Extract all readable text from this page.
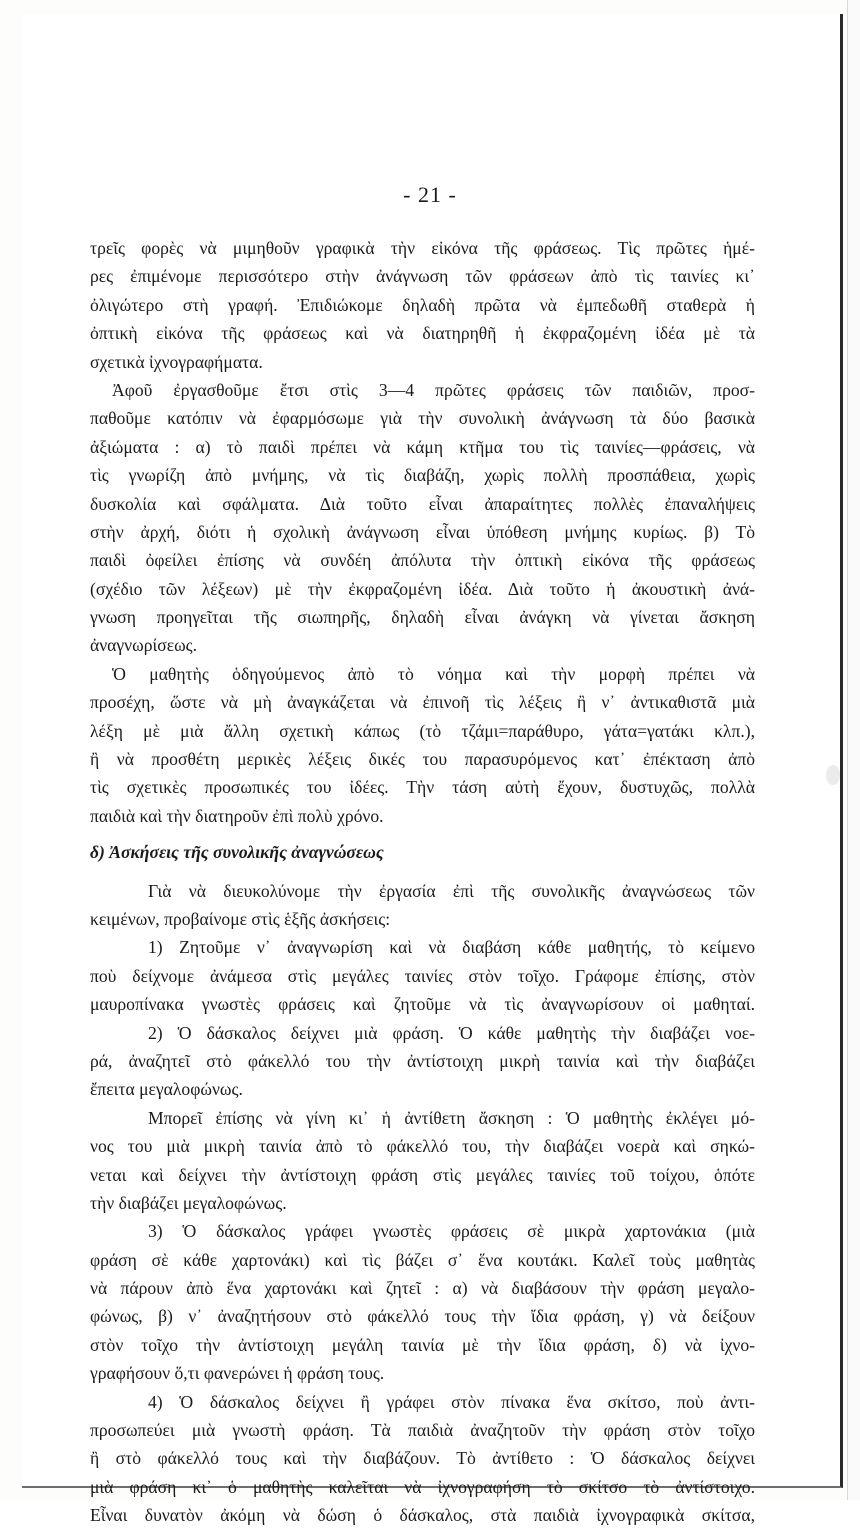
- 21 -
τρεῖς φορὲς νὰ μιμηθοῦν γραφικὰ τὴν εἰκόνα τῆς φράσεως. Τὶς πρῶτες ἡμέ-
ρες ἐπιμένομε περισσότερο στὴν ἀνάγνωση τῶν φράσεων ἀπὸ τὶς ταινίες κι᾽
ὀλιγώτερο στὴ γραφή. Ἐπιδιώκομε δηλαδὴ πρῶτα νὰ ἐμπεδωθῆ σταθερὰ ἡ
ὀπτικὴ εἰκόνα τῆς φράσεως καὶ νὰ διατηρηθῆ ἡ ἐκφραζομένη ἰδέα μὲ τὰ
σχετικὰ ἰχνογραφήματα.
Ἀφοῦ ἐργασθοῦμε ἔτσι στὶς 3—4 πρῶτες φράσεις τῶν παιδιῶν, προσ-
παθοῦμε κατόπιν νὰ ἐφαρμόσωμε γιὰ τὴν συνολικὴ ἀνάγνωση τὰ δύο βασικὰ
ἀξιώματα : α) τὸ παιδὶ πρέπει νὰ κάμη κτῆμα του τὶς ταινίες—φράσεις, νὰ
τὶς γνωρίζη ἀπὸ μνήμης, νὰ τὶς διαβάζη, χωρὶς πολλὴ προσπάθεια, χωρὶς
δυσκολία καὶ σφάλματα. Διὰ τοῦτο εἶναι ἀπαραίτητες πολλὲς ἐπαναλήψεις
στὴν ἀρχή, διότι ἡ σχολικὴ ἀνάγνωση εἶναι ὑπόθεση μνήμης κυρίως. β) Τὸ
παιδὶ ὀφείλει ἐπίσης νὰ συνδέη ἀπόλυτα τὴν ὀπτικὴ εἰκόνα τῆς φράσεως
(σχέδιο τῶν λέξεων) μὲ τὴν ἐκφραζομένη ἰδέα. Διὰ τοῦτο ἡ ἀκουστικὴ ἀνά-
γνωση προηγεῖται τῆς σιωπηρῆς, δηλαδὴ εἶναι ἀνάγκη νὰ γίνεται ἄσκηση
ἀναγνωρίσεως.
Ὁ μαθητὴς ὁδηγούμενος ἀπὸ τὸ νόημα καὶ τὴν μορφὴ πρέπει νὰ
προσέχη, ὥστε νὰ μὴ ἀναγκάζεται νὰ ἐπινοῆ τὶς λέξεις ἢ ν᾽ ἀντικαθιστᾶ μιὰ
λέξη μὲ μιὰ ἄλλη σχετικὴ κάπως (τὸ τζάμι=παράθυρο, γάτα=γατάκι κλπ.),
ἢ νὰ προσθέτη μερικὲς λέξεις δικές του παρασυρόμενος κατ᾽ ἐπέκταση ἀπὸ
τὶς σχετικὲς προσωπικές του ἰδέες. Τὴν τάση αὐτὴ ἔχουν, δυστυχῶς, πολλὰ
παιδιὰ καὶ τὴν διατηροῦν ἐπὶ πολὺ χρόνο.
δ) Ἀσκήσεις τῆς συνολικῆς ἀναγνώσεως
Γιὰ νὰ διευκολύνομε τὴν ἐργασία ἐπὶ τῆς συνολικῆς ἀναγνώσεως τῶν
κειμένων, προβαίνομε στὶς ἑξῆς ἀσκήσεις:
1) Ζητοῦμε ν᾽ ἀναγνωρίση καὶ νὰ διαβάση κάθε μαθητής, τὸ κείμενο
ποὺ δείχνομε ἀνάμεσα στὶς μεγάλες ταινίες στὸν τοῖχο. Γράφομε ἐπίσης, στὸν
μαυροπίνακα γνωστὲς φράσεις καὶ ζητοῦμε νὰ τὶς ἀναγνωρίσουν οἱ μαθηταί.
2) Ὁ δάσκαλος δείχνει μιὰ φράση. Ὁ κάθε μαθητὴς τὴν διαβάζει νοε-
ρά, ἀναζητεῖ στὸ φάκελλό του τὴν ἀντίστοιχη μικρὴ ταινία καὶ τὴν διαβάζει
ἔπειτα μεγαλοφώνως.
Μπορεῖ ἐπίσης νὰ γίνη κι᾽ ἡ ἀντίθετη ἄσκηση : Ὁ μαθητὴς ἐκλέγει μό-
νος του μιὰ μικρὴ ταινία ἀπὸ τὸ φάκελλό του, τὴν διαβάζει νοερὰ καὶ σηκώ-
νεται καὶ δείχνει τὴν ἀντίστοιχη φράση στὶς μεγάλες ταινίες τοῦ τοίχου, ὁπότε
τὴν διαβάζει μεγαλοφώνως.
3) Ὁ δάσκαλος γράφει γνωστὲς φράσεις σὲ μικρὰ χαρτονάκια (μιὰ
φράση σὲ κάθε χαρτονάκι) καὶ τὶς βάζει σ᾽ ἕνα κουτάκι. Καλεῖ τοὺς μαθητὰς
νὰ πάρουν ἀπὸ ἕνα χαρτονάκι καὶ ζητεῖ : α) νὰ διαβάσουν τὴν φράση μεγαλο-
φώνως, β) ν᾽ ἀναζητήσουν στὸ φάκελλό τους τὴν ἴδια φράση, γ) νὰ δείξουν
στὸν τοῖχο τὴν ἀντίστοιχη μεγάλη ταινία μὲ τὴν ἴδια φράση, δ) νὰ ἰχνο-
γραφήσουν ὅ,τι φανερώνει ἡ φράση τους.
4) Ὁ δάσκαλος δείχνει ἢ γράφει στὸν πίνακα ἕνα σκίτσο, ποὺ ἀντι-
προσωπεύει μιὰ γνωστὴ φράση. Τὰ παιδιὰ ἀναζητοῦν τὴν φράση στὸν τοῖχο
ἢ στὸ φάκελλό τους καὶ τὴν διαβάζουν. Τὸ ἀντίθετο : Ὁ δάσκαλος δείχνει
μιὰ φράση κι᾽ ὁ μαθητὴς καλεῖται νὰ ἰχνογραφήση τὸ σκίτσο τὸ ἀντίστοιχο.
Εἶναι δυνατὸν ἀκόμη νὰ δώση ὁ δάσκαλος, στὰ παιδιὰ ἰχνογραφικὰ σκίτσα,
